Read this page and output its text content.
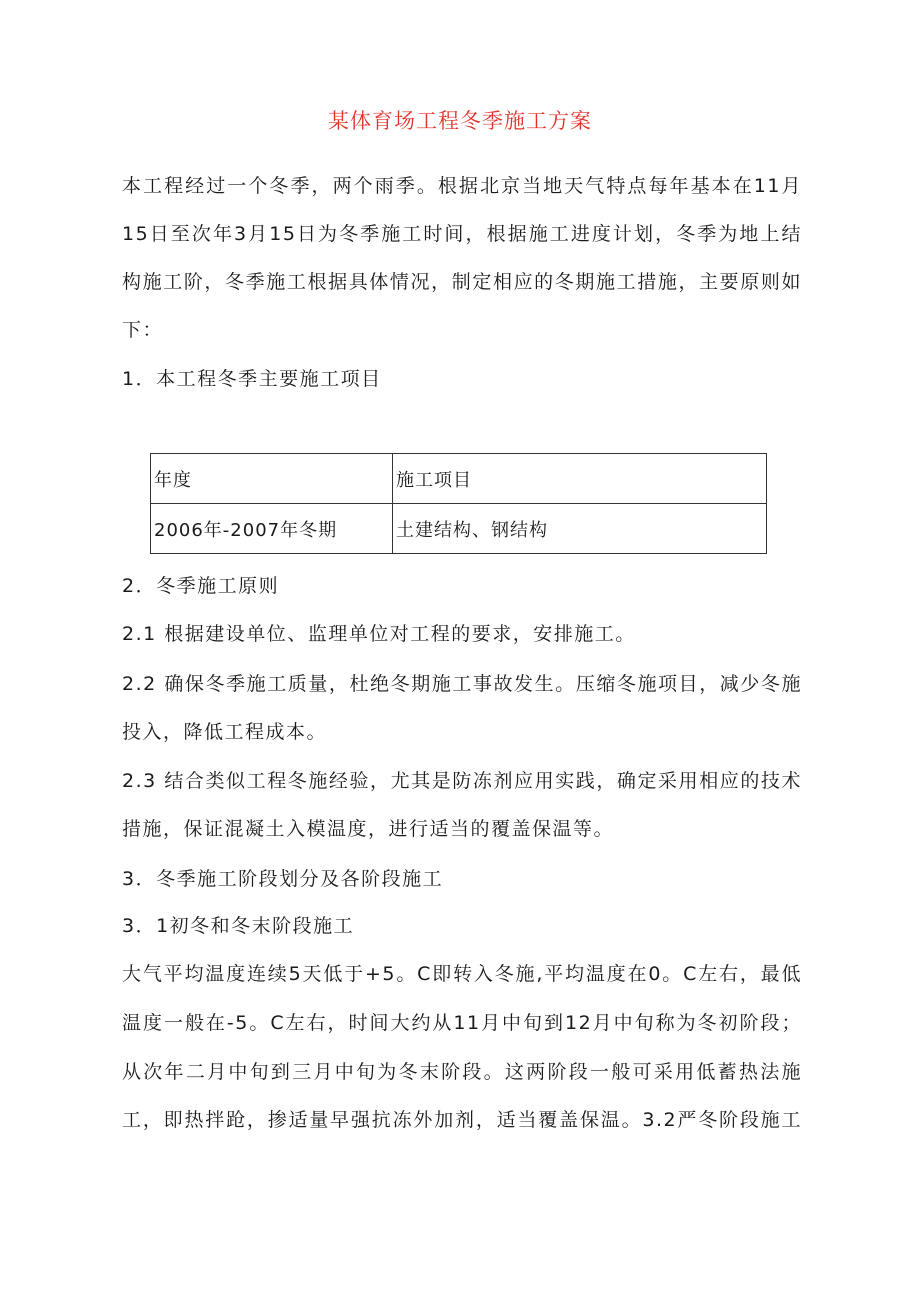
某体育场工程冬季施工方案
本工程经过一个冬季，两个雨季。根据北京当地天气特点每年基本在11月
15日至次年3月15日为冬季施工时间，根据施工进度计划，冬季为地上结
构施工阶，冬季施工根据具体情况，制定相应的冬期施工措施，主要原则如
下：
1．本工程冬季主要施工项目
年度	施工项目
2006年-2007年冬期	土建结构、钢结构
2．冬季施工原则
2.1 根据建设单位、监理单位对工程的要求，安排施工。
2.2 确保冬季施工质量，杜绝冬期施工事故发生。压缩冬施项目，减少冬施
投入，降低工程成本。
2.3 结合类似工程冬施经验，尤其是防冻剂应用实践，确定采用相应的技术
措施，保证混凝土入模温度，进行适当的覆盖保温等。
3．冬季施工阶段划分及各阶段施工
3．1初冬和冬末阶段施工
大气平均温度连续5天低于+5。C即转入冬施,平均温度在0。C左右，最低
温度一般在-5。C左右，时间大约从11月中旬到12月中旬称为冬初阶段；
从次年二月中旬到三月中旬为冬末阶段。这两阶段一般可采用低蓄热法施
工，即热拌跄，掺适量早强抗冻外加剂，适当覆盖保温。3.2严冬阶段施工
